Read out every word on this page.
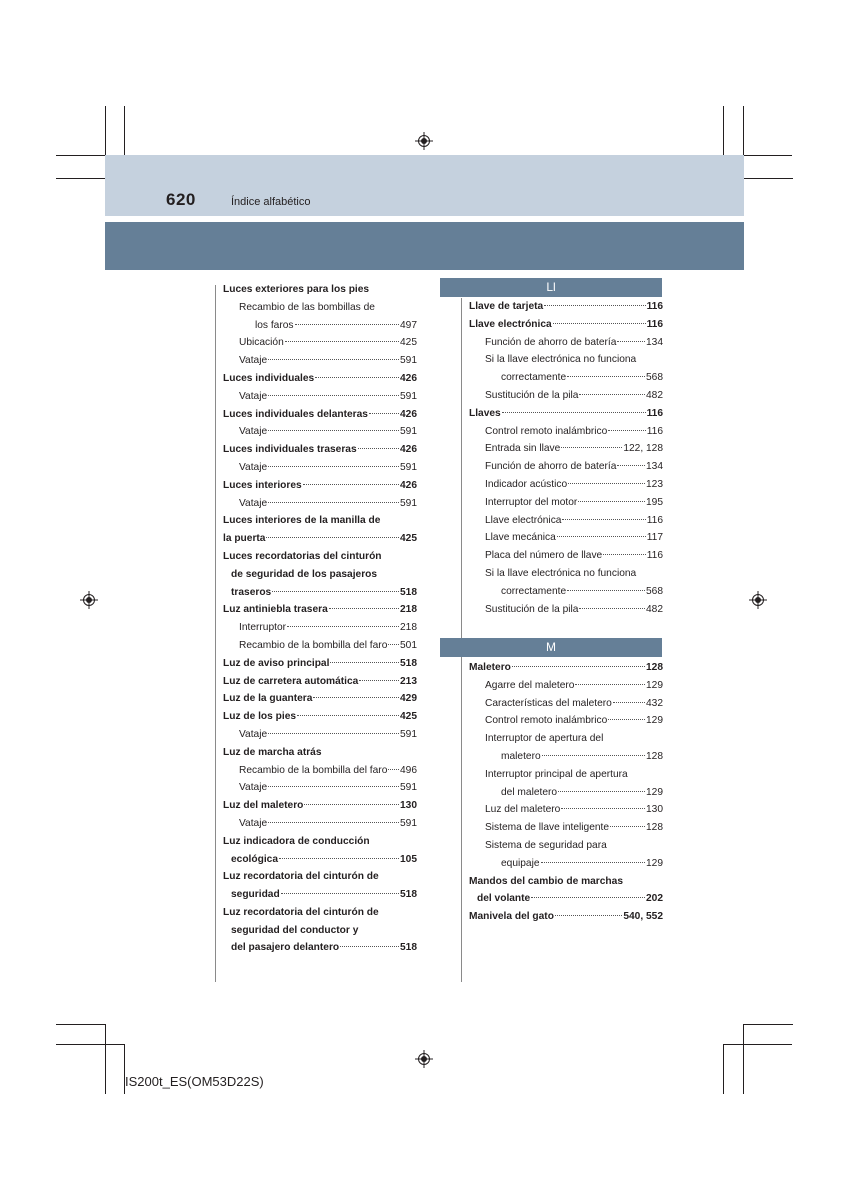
620	Índice alfabético
Luces exteriores para los pies
Recambio de las bombillas de
los faros	497
Ubicación	425
Vataje	591
Luces individuales	426
Vataje	591
Luces individuales delanteras	426
Vataje	591
Luces individuales traseras	426
Vataje	591
Luces interiores	426
Vataje	591
Luces interiores de la manilla de
la puerta	425
Luces recordatorias del cinturón
de seguridad de los pasajeros
traseros	518
Luz antiniebla trasera	218
Interruptor	218
Recambio de la bombilla del faro 501
Luz de aviso principal	518
Luz de carretera automática	213
Luz de la guantera	429
Luz de los pies	425
Vataje	591
Luz de marcha atrás
Recambio de la bombilla del faro 496
Vataje	591
Luz del maletero	130
Vataje	591
Luz indicadora de conducción
ecológica	105
Luz recordatoria del cinturón de
seguridad	518
Luz recordatoria del cinturón de
seguridad del conductor y
del pasajero delantero	518
Ll
Llave de tarjeta	116
Llave electrónica	116
Función de ahorro de batería	134
Si la llave electrónica no funciona
correctamente	568
Sustitución de la pila	482
Llaves	116
Control remoto inalámbrico	116
Entrada sin llave	122, 128
Función de ahorro de batería	134
Indicador acústico	123
Interruptor del motor	195
Llave electrónica	116
Llave mecánica	117
Placa del número de llave	116
Si la llave electrónica no funciona
correctamente	568
Sustitución de la pila	482
M
Maletero	128
Agarre del maletero	129
Características del maletero	432
Control remoto inalámbrico	129
Interruptor de apertura del
maletero	128
Interruptor principal de apertura
del maletero	129
Luz del maletero	130
Sistema de llave inteligente	128
Sistema de seguridad para
equipaje	129
Mandos del cambio de marchas
del volante	202
Manivela del gato	540, 552
IS200t_ES(OM53D22S)
